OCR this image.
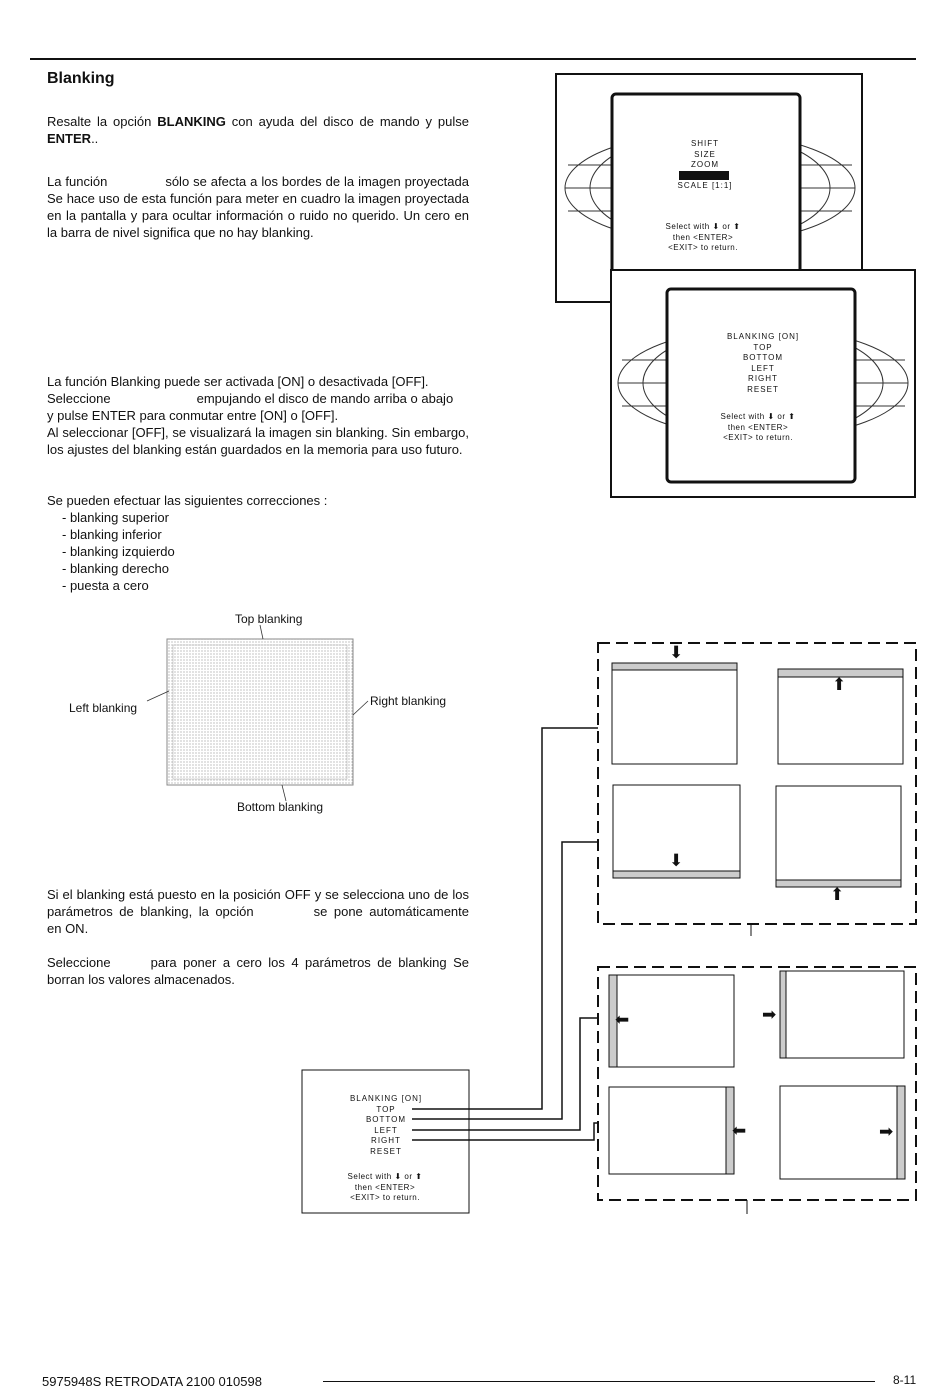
Blanking

Resalte la opción BLANKING con ayuda del disco de mando y pulse ENTER..

La función	sólo se afecta a los bordes de la imagen proyectada Se hace uso de esta función para meter en cuadro la imagen proyectada en la pantalla y para ocultar información o ruido no querido. Un cero en la barra de nivel significa que no hay blanking.

La función Blanking puede ser activada [ON] o desactivada [OFF].
Seleccione	empujando el disco de mando arriba o abajo
y pulse ENTER para conmutar entre [ON] o [OFF].
Al seleccionar [OFF], se visualizará la imagen sin blanking. Sin embargo, los ajustes del blanking están guardados en la memoria para uso futuro.

Se pueden efectuar las siguientes correcciones :

- blanking superior
- blanking inferior
- blanking izquierdo
- blanking derecho
- puesta a cero

Si el blanking está puesto en la posición OFF y se selecciona uno de los parámetros de blanking, la opción	se pone automáticamente en ON.

Seleccione	para poner a cero los 4 parámetros de blanking Se borran los valores almacenados.

Top blanking
Left blanking	Right blanking
Bottom blanking
SHIFT
SIZE
ZOOM
SCALE [1:1]
Select with ⬇ or ⬆
then <ENTER>
<EXIT> to return.
BLANKING [ON]
TOP
BOTTOM
LEFT
RIGHT
RESET
Select with ⬇ or ⬆
then <ENTER>
<EXIT> to return.
⬇
⬆
⬇
⬆
⬅	➡
⬅	➡
BLANKING [ON]
TOP
BOTTOM
LEFT
RIGHT
RESET
Select with ⬇ or ⬆
then <ENTER>
<EXIT> to return.
5975948S RETRODATA 2100 010598	8-11
